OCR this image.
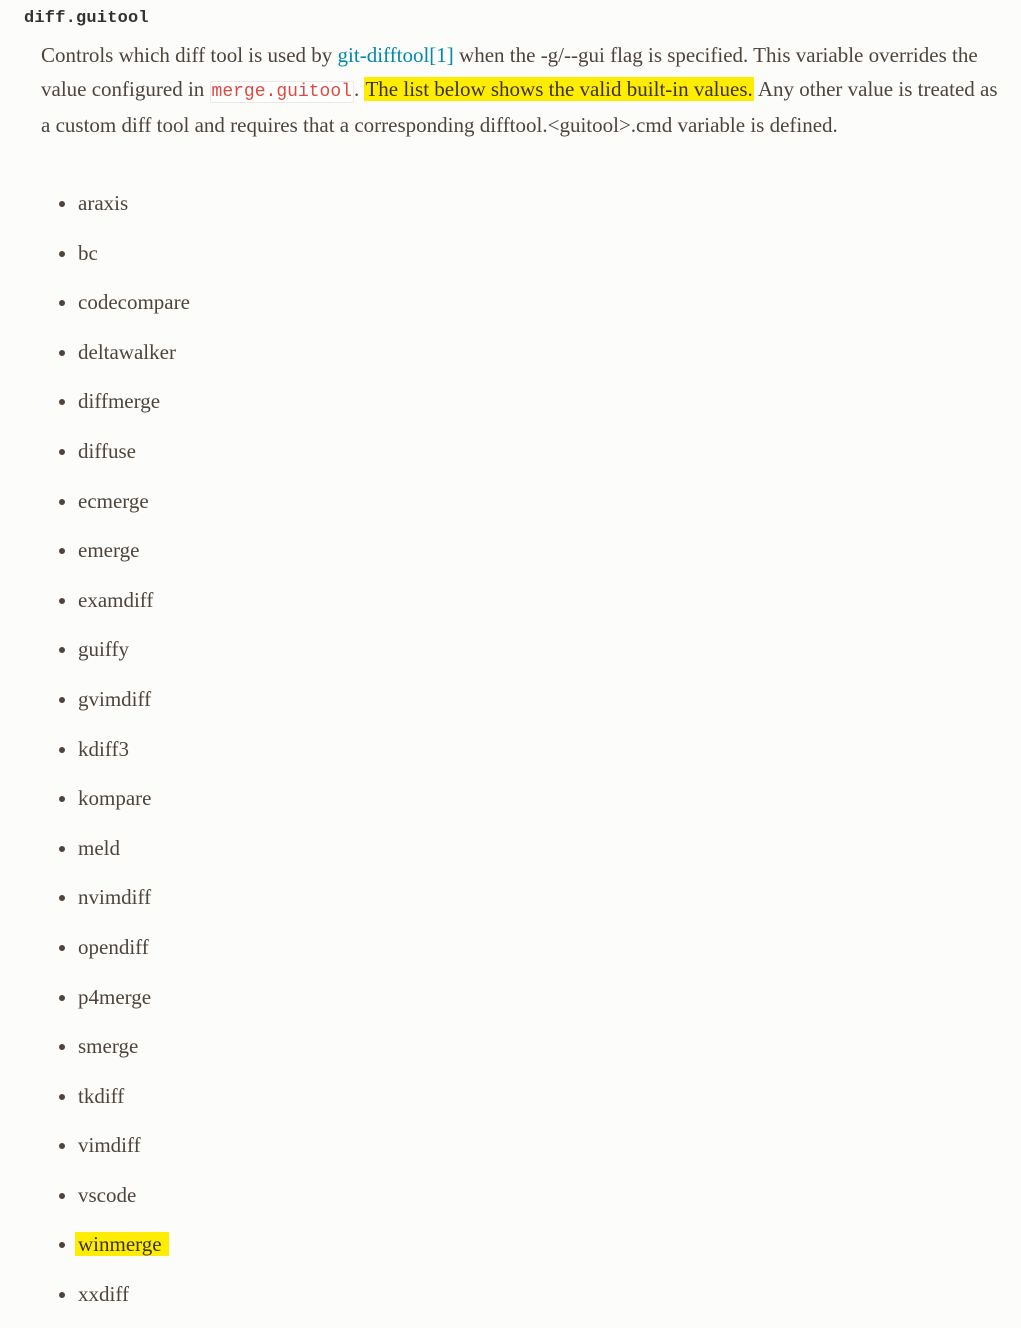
diff.guitool

Controls which diff tool is used by git-difftool[1] when the -g/--gui flag is specified. This variable overrides the value configured in merge.guitool. The list below shows the valid built-in values. Any other value is treated as a custom diff tool and requires that a corresponding difftool.<guitool>.cmd variable is defined.

araxis
bc
codecompare
deltawalker
diffmerge
diffuse
ecmerge
emerge
examdiff
guiffy
gvimdiff
kdiff3
kompare
meld
nvimdiff
opendiff
p4merge
smerge
tkdiff
vimdiff
vscode
winmerge
xxdiff
